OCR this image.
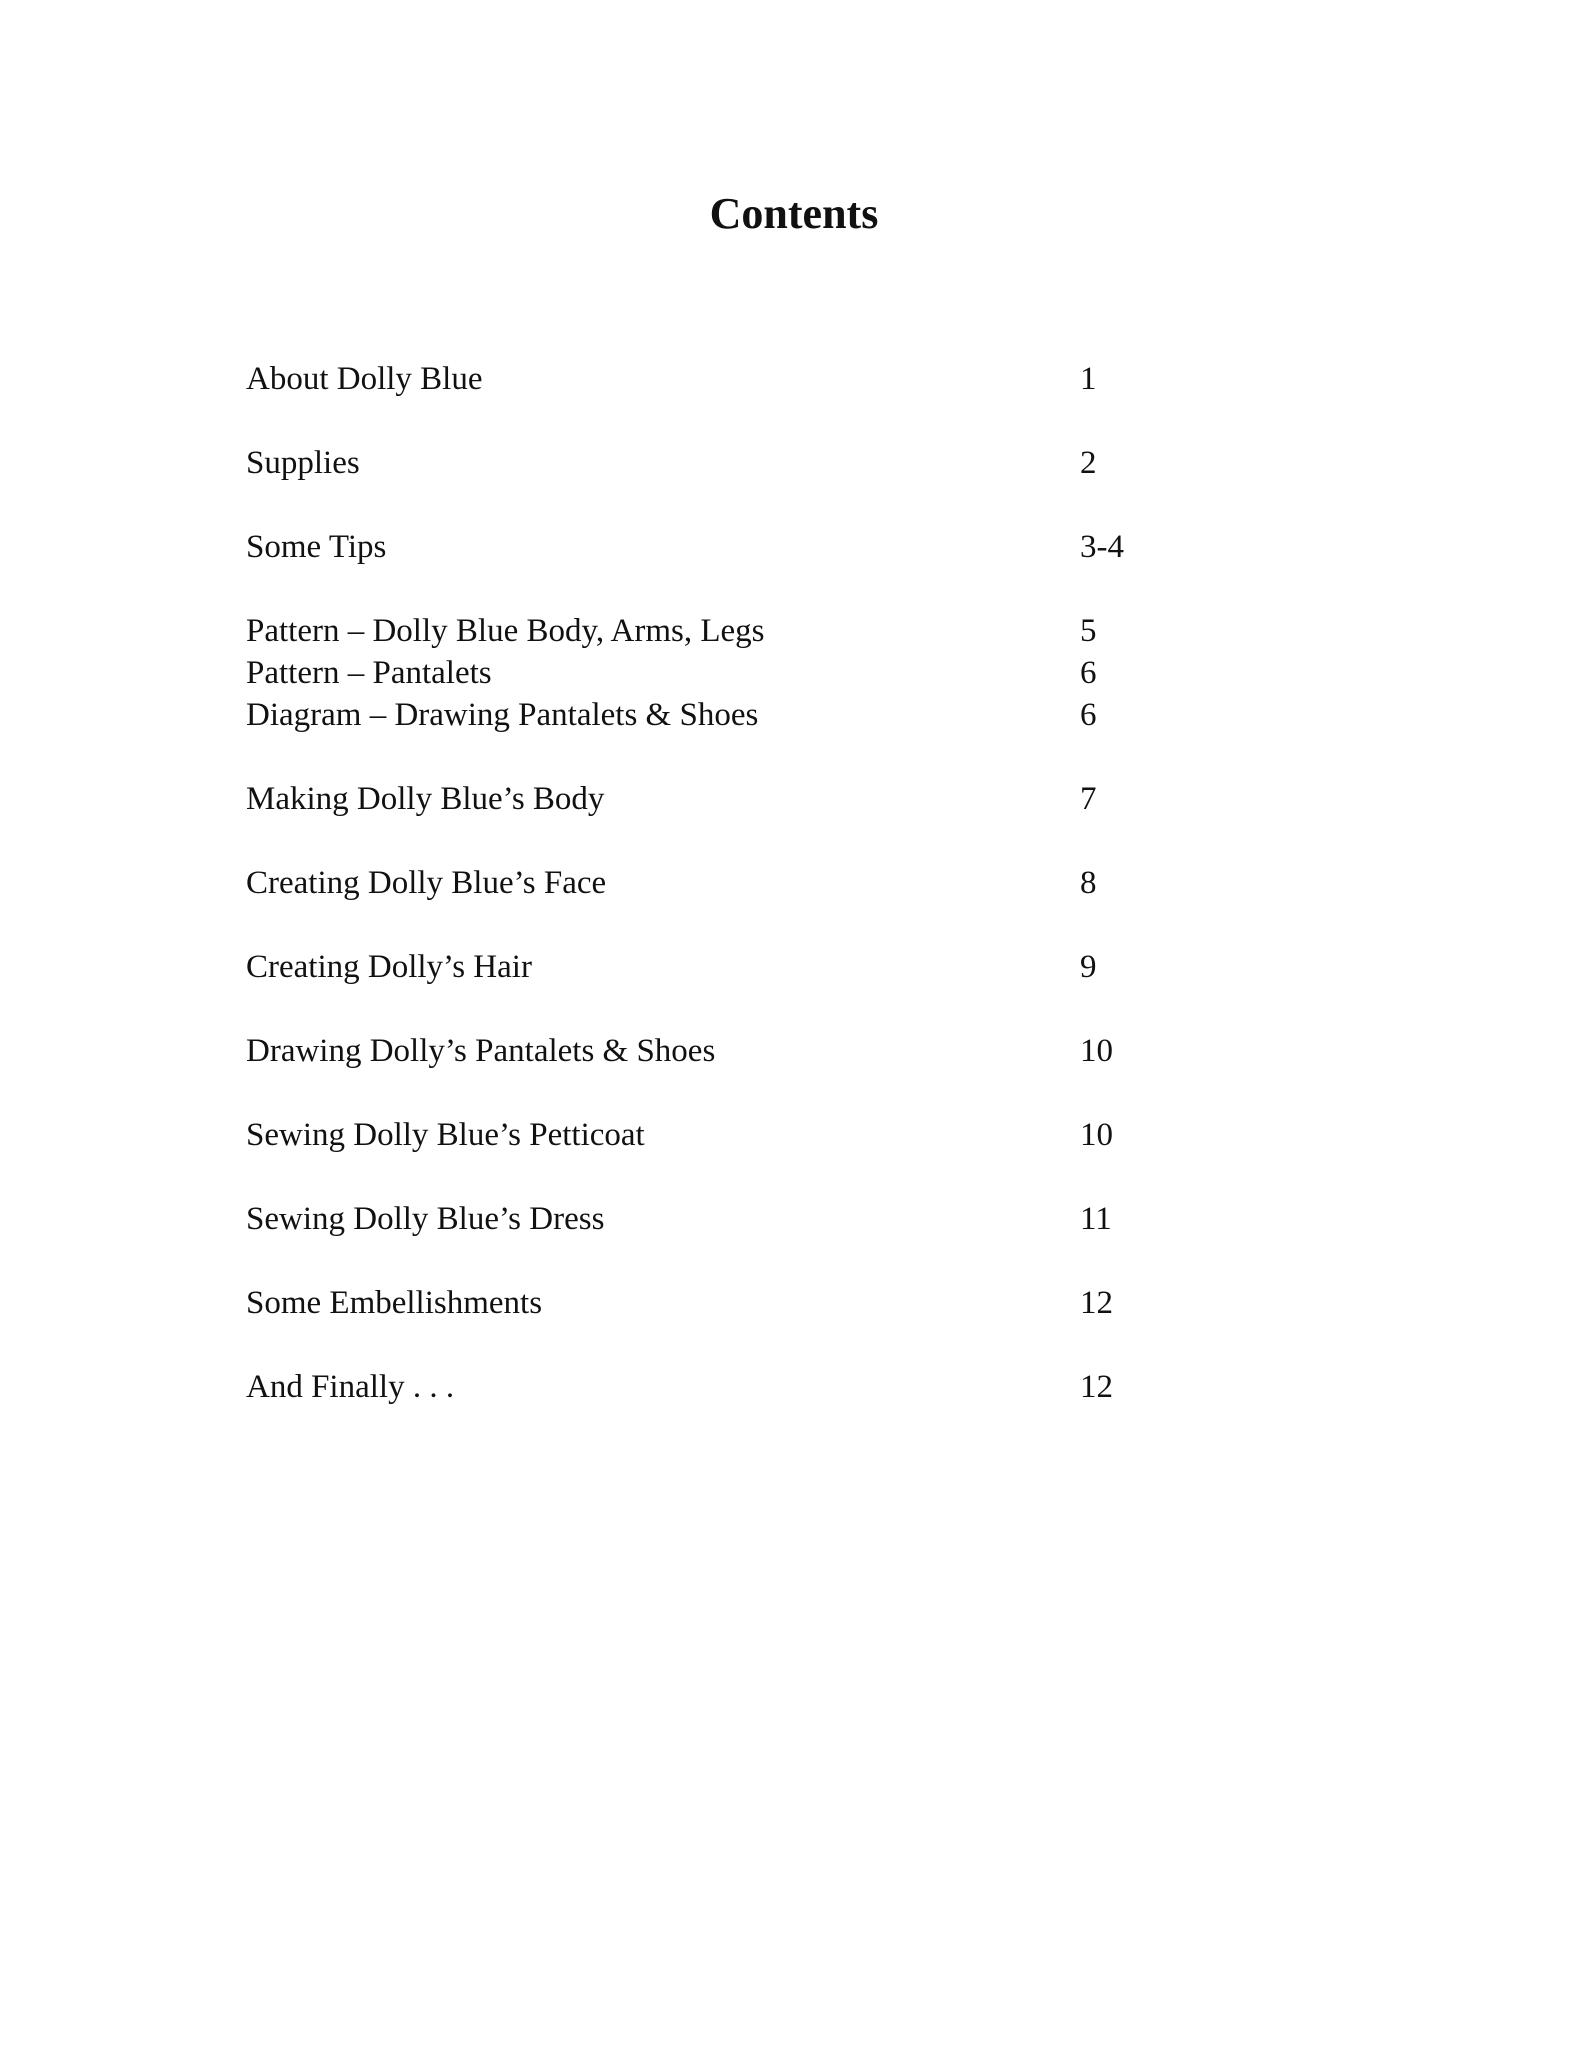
Contents
About Dolly Blue	1
Supplies	2
Some Tips	3-4
Pattern – Dolly Blue Body, Arms, Legs	5
Pattern – Pantalets	6
Diagram – Drawing Pantalets & Shoes	6
Making Dolly Blue’s Body	7
Creating Dolly Blue’s Face	8
Creating Dolly’s Hair	9
Drawing Dolly’s Pantalets & Shoes	10
Sewing Dolly Blue’s Petticoat	10
Sewing Dolly Blue’s Dress	11
Some Embellishments	12
And Finally . . .	12
